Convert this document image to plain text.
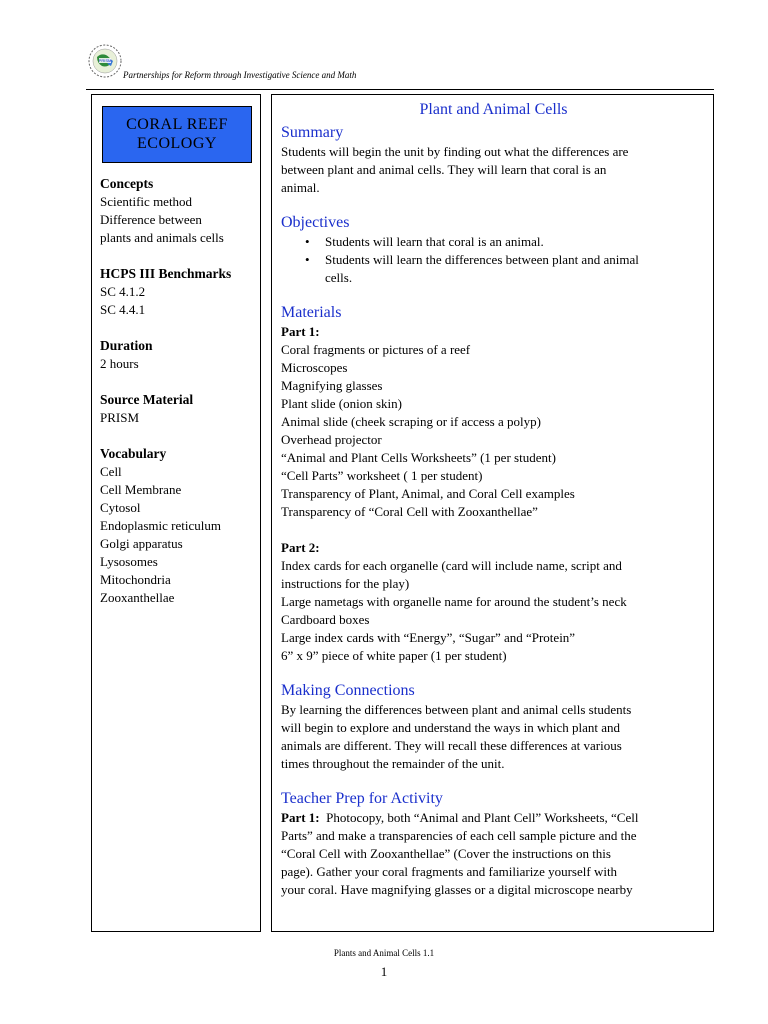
PRISM
Partnerships for Reform through Investigative Science and Math
CORAL REEF
ECOLOGY
Concepts
Scientific method
Difference between
plants and animals cells
HCPS III Benchmarks
SC 4.1.2
SC 4.4.1
Duration
2 hours
Source Material
PRISM
Vocabulary
Cell
Cell Membrane
Cytosol
Endoplasmic reticulum
Golgi apparatus
Lysosomes
Mitochondria
Zooxanthellae
Plant and Animal Cells
Summary

Students will begin the unit by finding out what the differences are
between plant and animal cells. They will learn that coral is an
animal.

Objectives
• Students will learn that coral is an animal.
• Students will learn the differences between plant and animal
cells.
Materials
Part 1:
Coral fragments or pictures of a reef
Microscopes
Magnifying glasses
Plant slide (onion skin)
Animal slide (cheek scraping or if access a polyp)
Overhead projector
“Animal and Plant Cells Worksheets” (1 per student)
“Cell Parts” worksheet ( 1 per student)
Transparency of Plant, Animal, and Coral Cell examples
Transparency of “Coral Cell with Zooxanthellae”
Part 2:
Index cards for each organelle (card will include name, script and
instructions for the play)
Large nametags with organelle name for around the student’s neck
Cardboard boxes
Large index cards with “Energy”, “Sugar” and “Protein”
6” x 9” piece of white paper (1 per student)
Making Connections
By learning the differences between plant and animal cells students
will begin to explore and understand the ways in which plant and
animals are different. They will recall these differences at various
times throughout the remainder of the unit.
Teacher Prep for Activity
Part 1:  Photocopy, both “Animal and Plant Cell” Worksheets, “Cell
Parts” and make a transparencies of each cell sample picture and the
“Coral Cell with Zooxanthellae” (Cover the instructions on this
page). Gather your coral fragments and familiarize yourself with
your coral. Have magnifying glasses or a digital microscope nearby
Plants and Animal Cells 1.1
1
